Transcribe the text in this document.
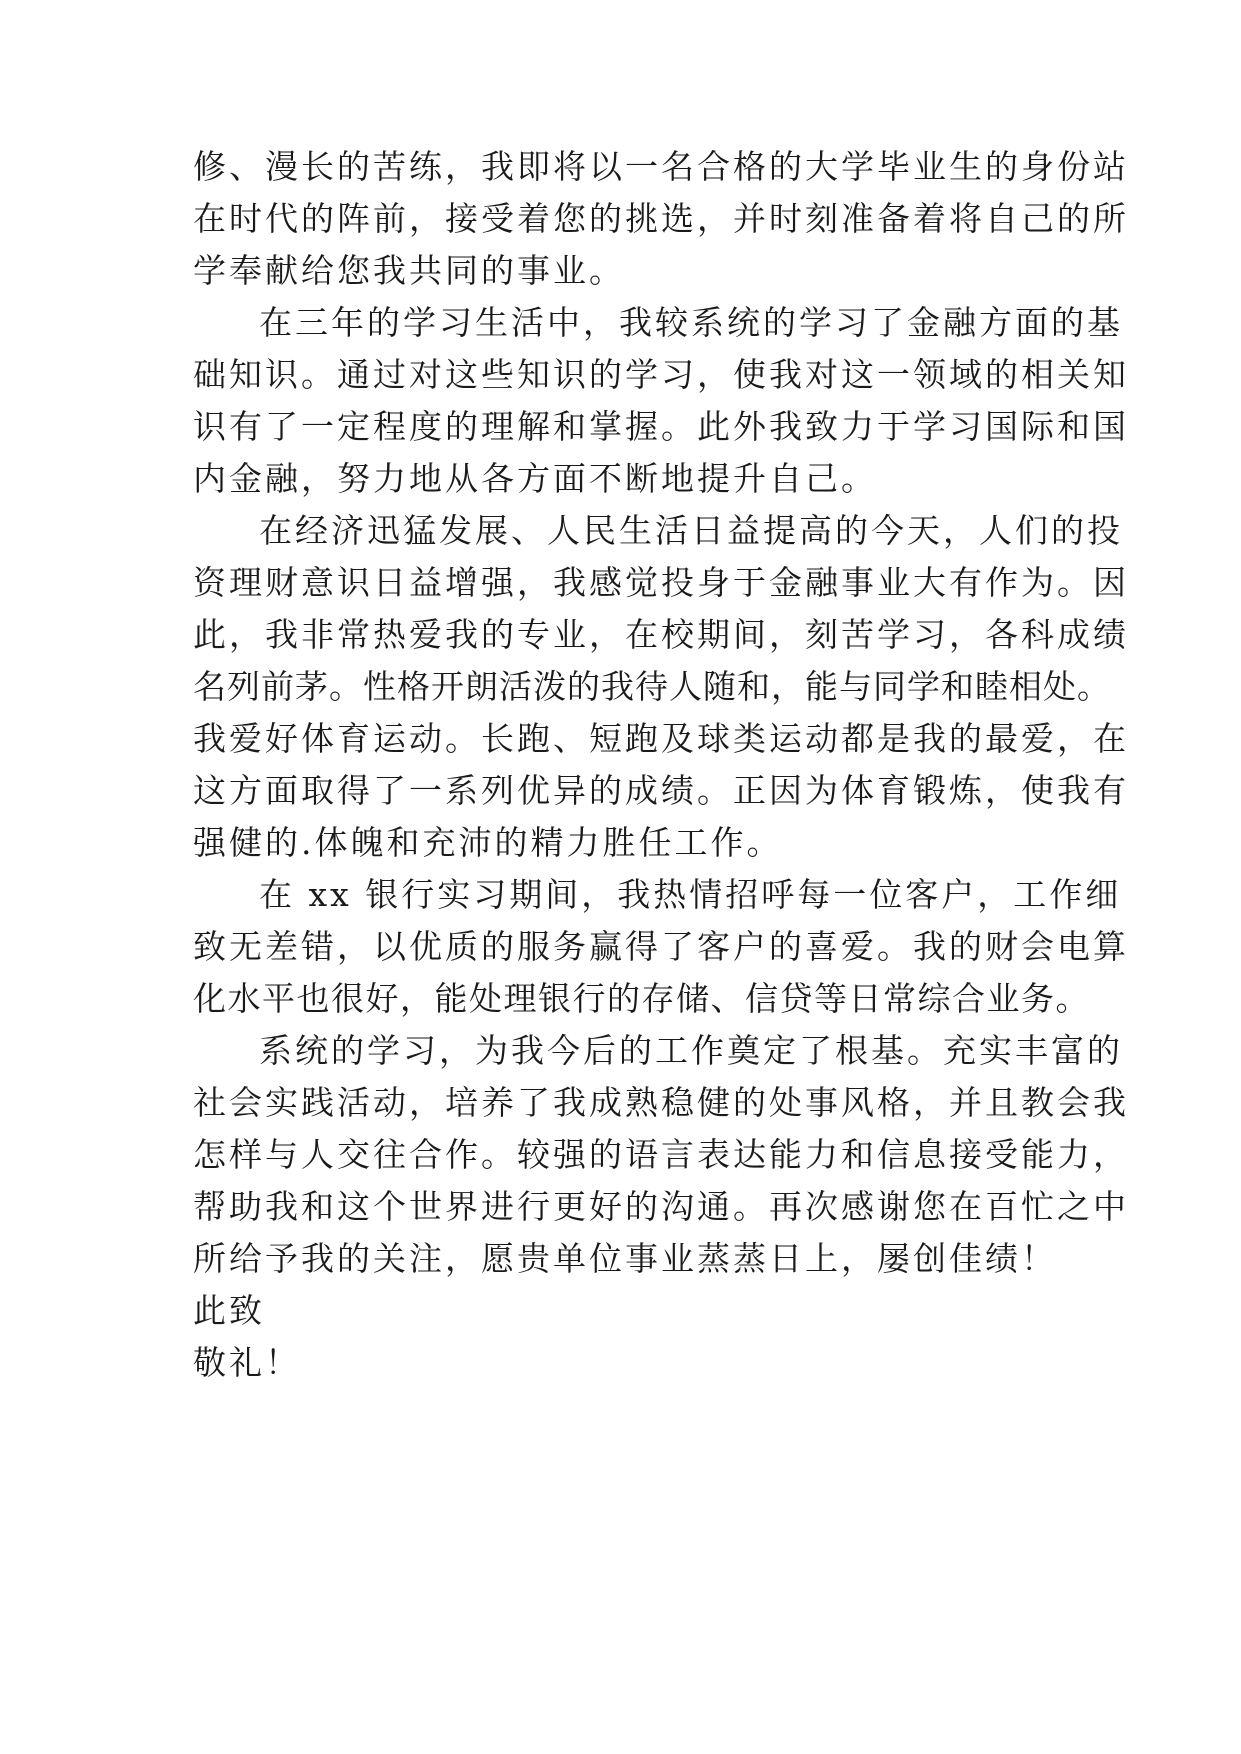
修、漫长的苦练，我即将以一名合格的大学毕业生的身份站
在时代的阵前，接受着您的挑选，并时刻准备着将自己的所
学奉献给您我共同的事业。
在三年的学习生活中，我较系统的学习了金融方面的基
础知识。通过对这些知识的学习，使我对这一领域的相关知
识有了一定程度的理解和掌握。此外我致力于学习国际和国
内金融，努力地从各方面不断地提升自己。
在经济迅猛发展、人民生活日益提高的今天，人们的投
资理财意识日益增强，我感觉投身于金融事业大有作为。因
此，我非常热爱我的专业，在校期间，刻苦学习，各科成绩
名列前茅。性格开朗活泼的我待人随和，能与同学和睦相处。
我爱好体育运动。长跑、短跑及球类运动都是我的最爱，在
这方面取得了一系列优异的成绩。正因为体育锻炼，使我有
强健的.体魄和充沛的精力胜任工作。
在 xx 银行实习期间，我热情招呼每一位客户，工作细
致无差错，以优质的服务赢得了客户的喜爱。我的财会电算
化水平也很好，能处理银行的存储、信贷等日常综合业务。
系统的学习，为我今后的工作奠定了根基。充实丰富的
社会实践活动，培养了我成熟稳健的处事风格，并且教会我
怎样与人交往合作。较强的语言表达能力和信息接受能力，
帮助我和这个世界进行更好的沟通。再次感谢您在百忙之中
所给予我的关注，愿贵单位事业蒸蒸日上，屡创佳绩！
此致
敬礼！
